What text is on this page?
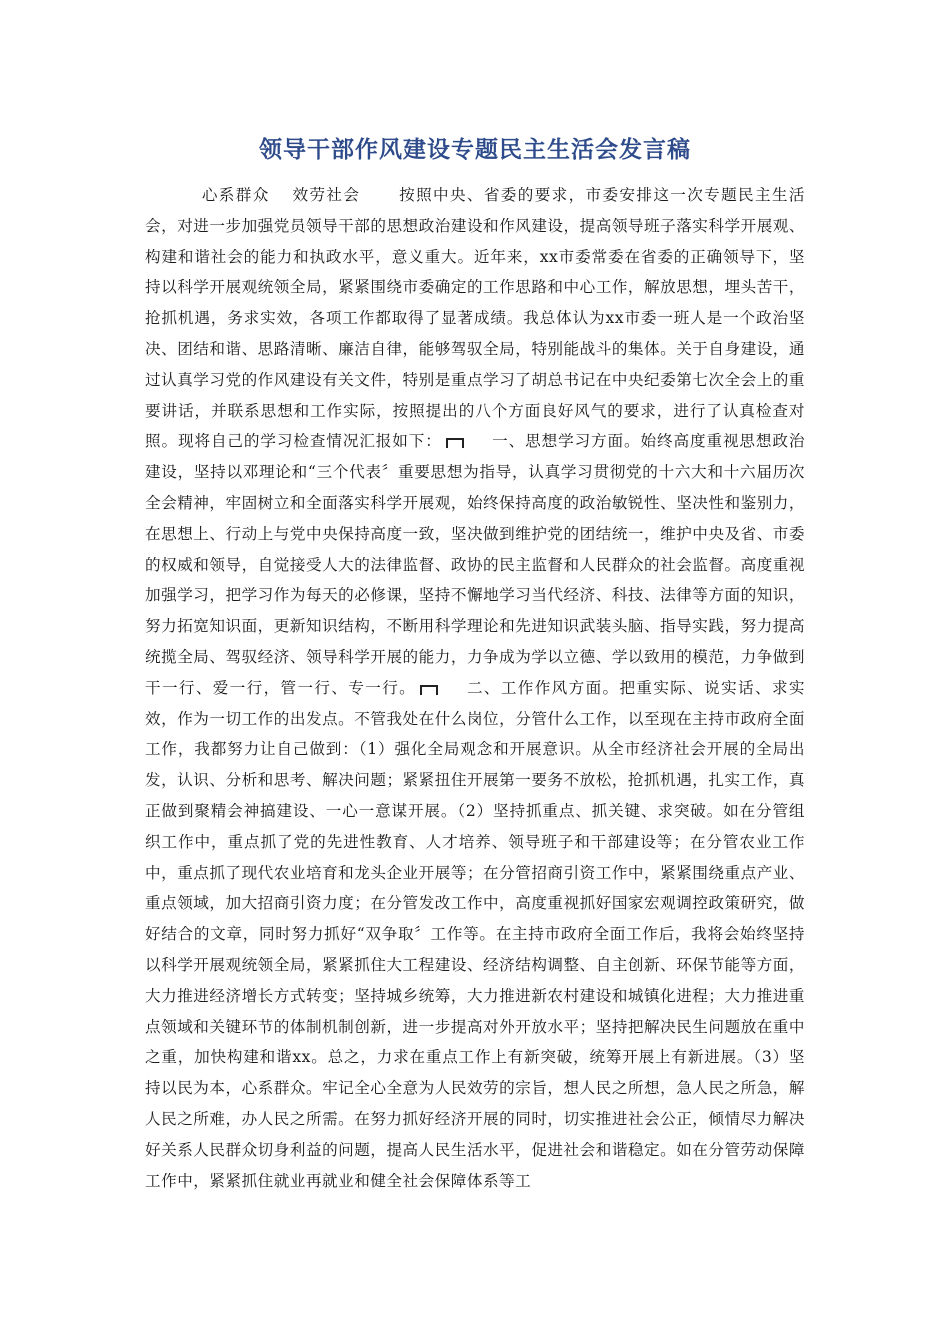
领导干部作风建设专题民主生活会发言稿
心系群众 效劳社会 按照中央、省委的要求，市委安排这一次专题民主生活会，对进一步加强党员领导干部的思想政治建设和作风建设，提高领导班子落实科学开展观、构建和谐社会的能力和执政水平，意义重大。近年来，xx市委常委在省委的正确领导下，坚持以科学开展观统领全局，紧紧围绕市委确定的工作思路和中心工作，解放思想，埋头苦干，抢抓机遇，务求实效，各项工作都取得了显著成绩。我总体认为xx市委一班人是一个政治坚决、团结和谐、思路清晰、廉洁自律，能够驾驭全局，特别能战斗的集体。关于自身建设，通过认真学习党的作风建设有关文件，特别是重点学习了胡总书记在中央纪委第七次全会上的重要讲话，并联系思想和工作实际，按照提出的八个方面良好风气的要求，进行了认真检查对照。现将自己的学习检查情况汇报如下：	一、思想学习方面。始终高度重视思想政治建设，坚持以邓理论和“三个代表〞重要思想为指导，认真学习贯彻党的十六大和十六届历次全会精神，牢固树立和全面落实科学开展观，始终保持高度的政治敏锐性、坚决性和鉴别力，在思想上、行动上与党中央保持高度一致，坚决做到维护党的团结统一，维护中央及省、市委的权威和领导，自觉接受人大的法律监督、政协的民主监督和人民群众的社会监督。高度重视加强学习，把学习作为每天的必修课，坚持不懈地学习当代经济、科技、法律等方面的知识，努力拓宽知识面，更新知识结构，不断用科学理论和先进知识武装头脑、指导实践，努力提高统揽全局、驾驭经济、领导科学开展的能力，力争成为学以立德、学以致用的模范，力争做到干一行、爱一行，管一行、专一行。	二、工作作风方面。把重实际、说实话、求实效，作为一切工作的出发点。不管我处在什么岗位，分管什么工作，以至现在主持市政府全面工作，我都努力让自己做到：（1）强化全局观念和开展意识。从全市经济社会开展的全局出发，认识、分析和思考、解决问题；紧紧扭住开展第一要务不放松，抢抓机遇，扎实工作，真正做到聚精会神搞建设、一心一意谋开展。（2）坚持抓重点、抓关键、求突破。如在分管组织工作中，重点抓了党的先进性教育、人才培养、领导班子和干部建设等；在分管农业工作中，重点抓了现代农业培育和龙头企业开展等；在分管招商引资工作中，紧紧围绕重点产业、重点领域，加大招商引资力度；在分管发改工作中，高度重视抓好国家宏观调控政策研究，做好结合的文章，同时努力抓好“双争取〞工作等。在主持市政府全面工作后，我将会始终坚持以科学开展观统领全局，紧紧抓住大工程建设、经济结构调整、自主创新、环保节能等方面，大力推进经济增长方式转变；坚持城乡统筹，大力推进新农村建设和城镇化进程；大力推进重点领域和关键环节的体制机制创新，进一步提高对外开放水平；坚持把解决民生问题放在重中之重，加快构建和谐xx。总之，力求在重点工作上有新突破，统筹开展上有新进展。（3）坚持以民为本，心系群众。牢记全心全意为人民效劳的宗旨，想人民之所想，急人民之所急，解人民之所难，办人民之所需。在努力抓好经济开展的同时，切实推进社会公正，倾情尽力解决好关系人民群众切身利益的问题，提高人民生活水平，促进社会和谐稳定。如在分管劳动保障工作中，紧紧抓住就业再就业和健全社会保障体系等工
